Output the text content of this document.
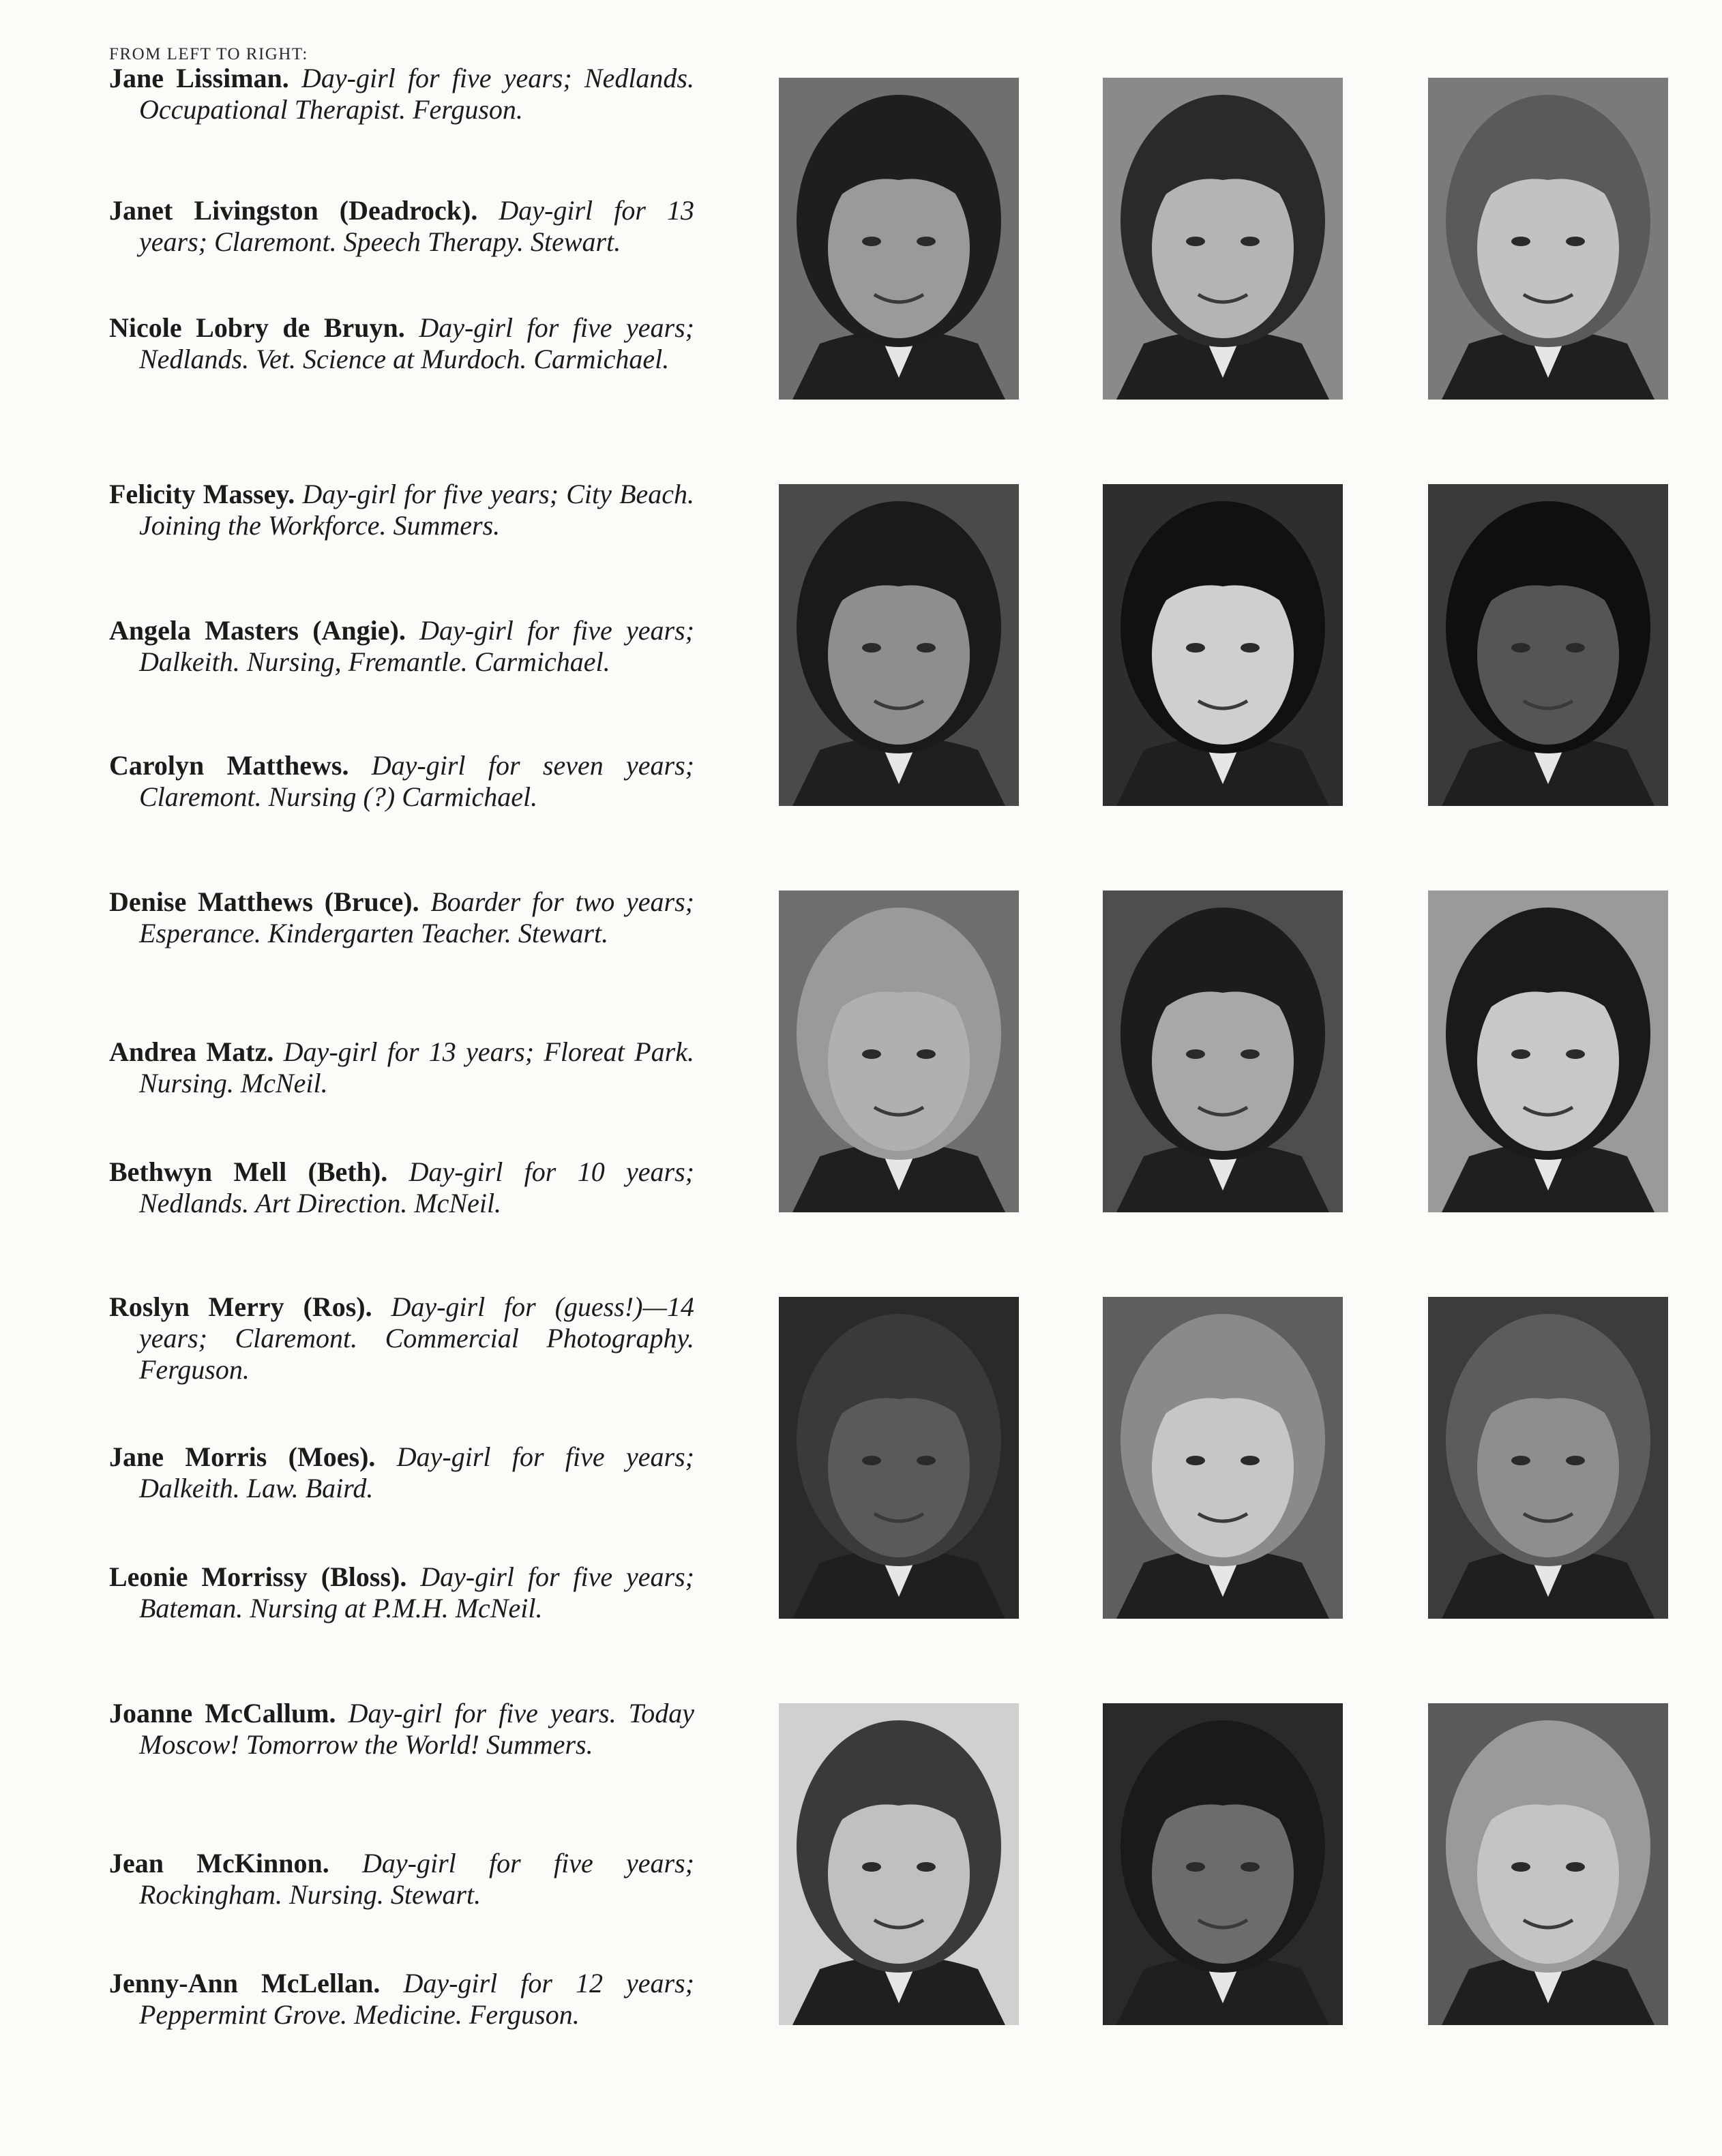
FROM LEFT TO RIGHT:

Jane Lissiman. Day-girl for five years; Nedlands. Occupational Therapist. Ferguson.

Janet Livingston (Deadrock). Day-girl for 13 years; Claremont. Speech Therapy. Stewart.

Nicole Lobry de Bruyn. Day-girl for five years; Nedlands. Vet. Science at Murdoch. Carmichael.

Felicity Massey. Day-girl for five years; City Beach. Joining the Workforce. Summers.

Angela Masters (Angie). Day-girl for five years; Dalkeith. Nursing, Fremantle. Carmichael.

Carolyn Matthews. Day-girl for seven years; Claremont. Nursing (?) Carmichael.

Denise Matthews (Bruce). Boarder for two years; Esperance. Kindergarten Teacher. Stewart.

Andrea Matz. Day-girl for 13 years; Floreat Park. Nursing. McNeil.

Bethwyn Mell (Beth). Day-girl for 10 years; Nedlands. Art Direction. McNeil.

Roslyn Merry (Ros). Day-girl for (guess!)—14 years; Claremont. Commercial Photography. Ferguson.

Jane Morris (Moes). Day-girl for five years; Dalkeith. Law. Baird.

Leonie Morrissy (Bloss). Day-girl for five years; Bateman. Nursing at P.M.H. McNeil.

Joanne McCallum. Day-girl for five years. Today Moscow! Tomorrow the World! Summers.

Jean McKinnon. Day-girl for five years; Rockingham. Nursing. Stewart.

Jenny-Ann McLellan. Day-girl for 12 years; Peppermint Grove. Medicine. Ferguson.
